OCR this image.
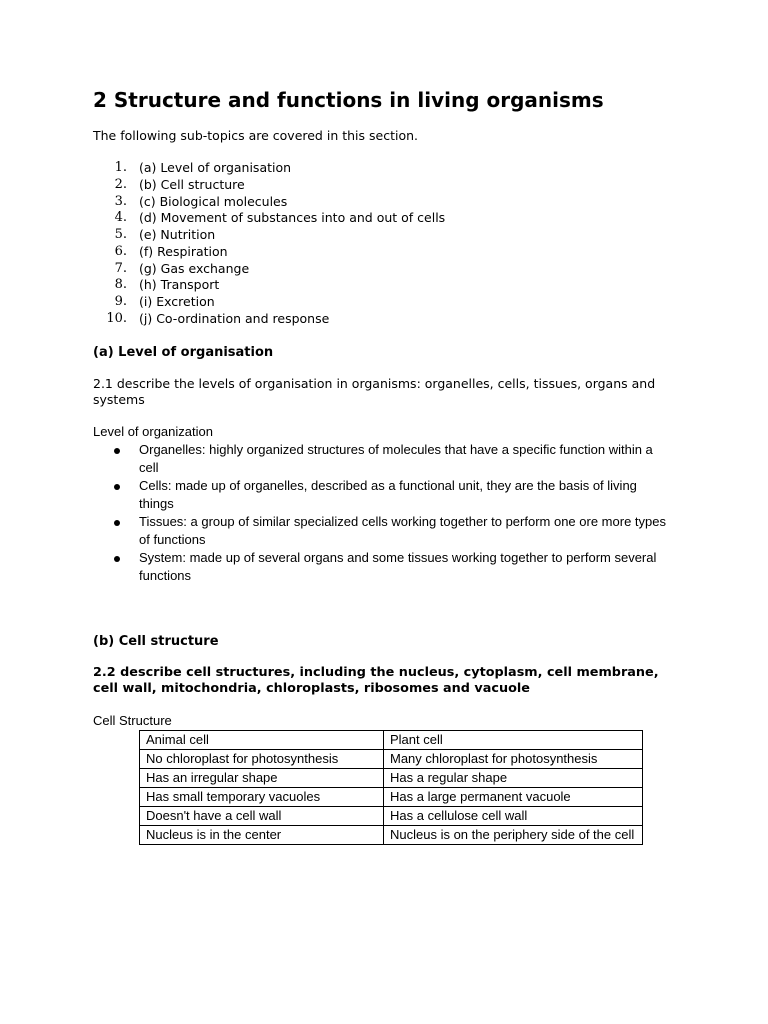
2 Structure and functions in living organisms

The following sub-topics are covered in this section.

1. (a) Level of organisation
2. (b) Cell structure
3. (c) Biological molecules
4. (d) Movement of substances into and out of cells
5. (e) Nutrition
6. (f) Respiration
7. (g) Gas exchange
8. (h) Transport
9. (i) Excretion
10. (j) Co-ordination and response
(a) Level of organisation

2.1 describe the levels of organisation in organisms: organelles, cells, tissues, organs and systems

Level of organization

Organelles: highly organized structures of molecules that have a specific function within a cell
Cells: made up of organelles, described as a functional unit, they are the basis of living things
Tissues: a group of similar specialized cells working together to perform one ore more types of functions
System: made up of several organs and some tissues working together to perform several functions
(b) Cell structure

2.2 describe cell structures, including the nucleus, cytoplasm, cell membrane, cell wall, mitochondria, chloroplasts, ribosomes and vacuole

Cell Structure

Animal cell	Plant cell
No chloroplast for photosynthesis	Many chloroplast for photosynthesis
Has an irregular shape	Has a regular shape
Has small temporary vacuoles	Has a large permanent vacuole
Doesn't have a cell wall	Has a cellulose cell wall
Nucleus is in the center	Nucleus is on the periphery side of the cell
